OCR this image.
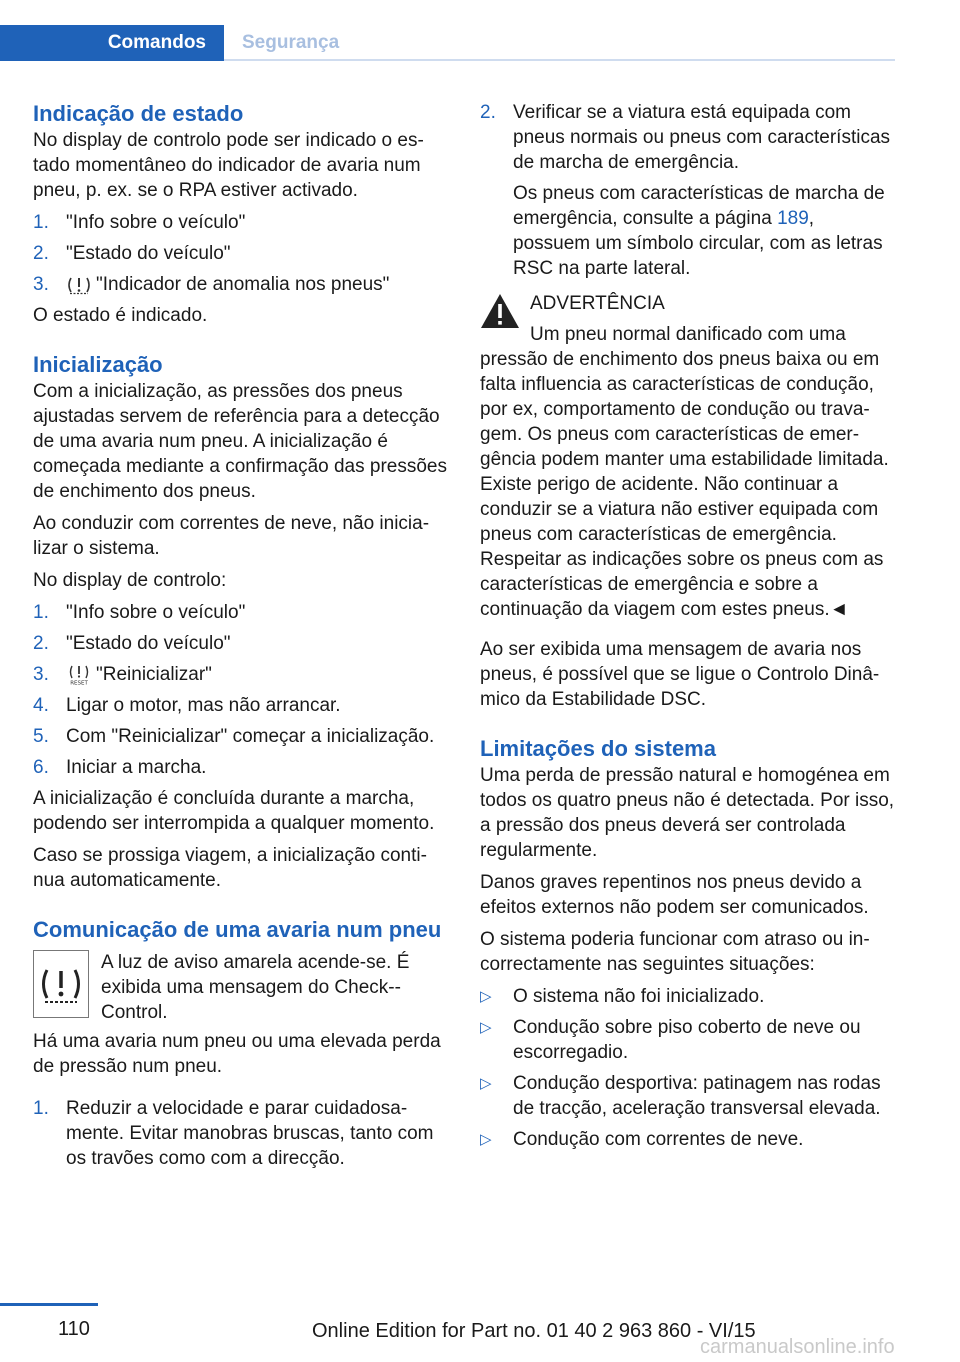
Comandos	Segurança
Indicação de estado

No display de controlo pode ser indicado o estado momentâneo do indicador de avaria num pneu, p. ex. se o RPA estiver activado.

1. "Info sobre o veículo"
2. "Estado do veículo"
3. "Indicador de anomalia nos pneus"

O estado é indicado.

Inicialização

Com a inicialização, as pressões dos pneus ajustadas servem de referência para a detecção de uma avaria num pneu. A inicialização é começada mediante a confirmação das pressões de enchimento dos pneus.

Ao conduzir com correntes de neve, não inicializar o sistema.

No display de controlo:

1. "Info sobre o veículo"
2. "Estado do veículo"
3.	RESET "Reinicializar"
4. Ligar o motor, mas não arrancar.
5. Com "Reinicializar" começar a inicialização.
6. Iniciar a marcha.

A inicialização é concluída durante a marcha, podendo ser interrompida a qualquer momento.

Caso se prossiga viagem, a inicialização continua automaticamente.

Comunicação de uma avaria num pneu
A luz de aviso amarela acende-se. É exibida uma mensagem do Check-Control.

Há uma avaria num pneu ou uma elevada perda de pressão num pneu.

1. Reduzir a velocidade e parar cuidadosamente. Evitar manobras bruscas, tanto com os travões como com a direcção.
2. Verificar se a viatura está equipada com pneus normais ou pneus com características de marcha de emergência.
Os pneus com características de marcha de emergência, consulte a página 189, possuem um símbolo circular, com as letras RSC na parte lateral.
ADVERTÊNCIA
Um pneu normal danificado com uma

pressão de enchimento dos pneus baixa ou em falta influencia as características de condução, por ex, comportamento de condução ou travagem. Os pneus com características de emergência podem manter uma estabilidade limitada. Existe perigo de acidente. Não continuar a conduzir se a viatura não estiver equipada com pneus com características de emergência. Respeitar as indicações sobre os pneus com as características de emergência e sobre a continuação da viagem com estes pneus.◄

Ao ser exibida uma mensagem de avaria nos pneus, é possível que se ligue o Controlo Dinâmico da Estabilidade DSC.

Limitações do sistema

Uma perda de pressão natural e homogénea em todos os quatro pneus não é detectada. Por isso, a pressão dos pneus deverá ser controlada regularmente.

Danos graves repentinos nos pneus devido a efeitos externos não podem ser comunicados.

O sistema poderia funcionar com atraso ou incorrectamente nas seguintes situações:

▷ O sistema não foi inicializado.
▷ Condução sobre piso coberto de neve ou escorregadio.
▷ Condução desportiva: patinagem nas rodas de tracção, aceleração transversal elevada.
▷ Condução com correntes de neve.
110	Online Edition for Part no. 01 40 2 963 860 - VI/15
carmanualsonline.info
